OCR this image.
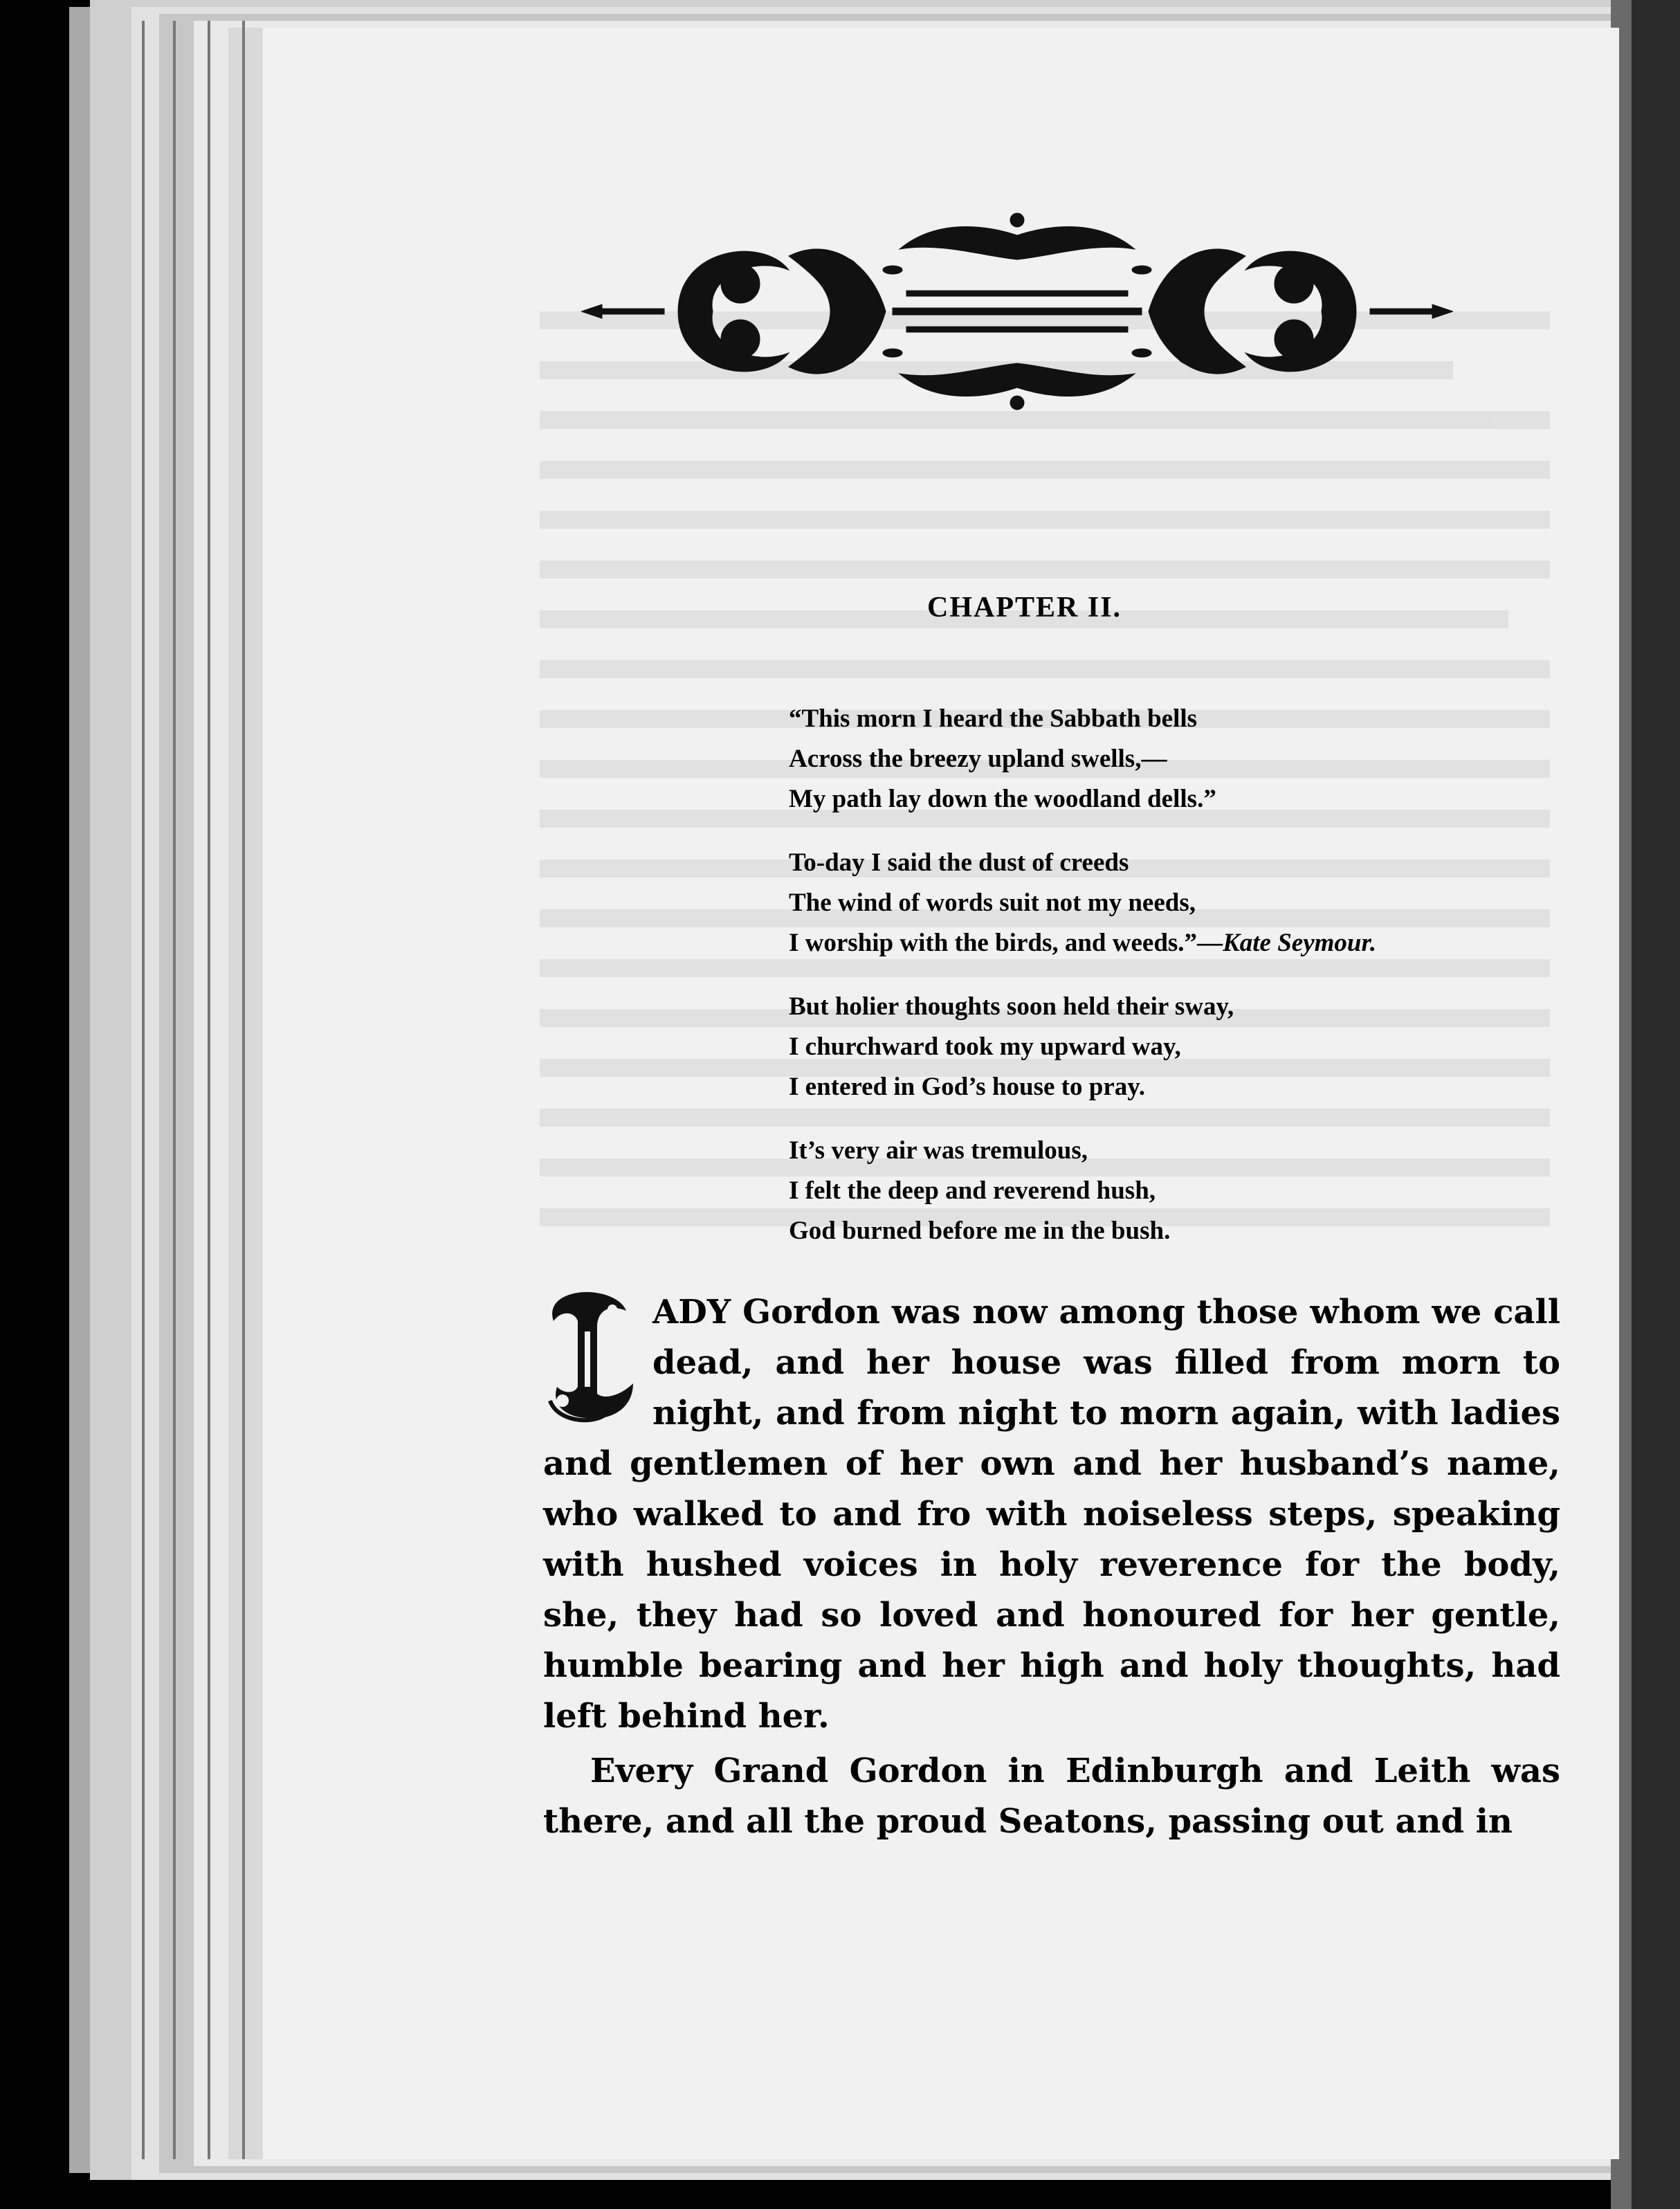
CHAPTER II.
“This morn I heard the Sabbath bells
Across the breezy upland swells,—
My path lay down the woodland dells.”
To-day I said the dust of creeds
The wind of words suit not my needs,
I worship with the birds, and weeds.”—Kate Seymour.
But holier thoughts soon held their sway,
I churchward took my upward way,
I entered in God’s house to pray.
It’s very air was tremulous,
I felt the deep and reverend hush,
God burned before me in the bush.

L
ADY Gordon was now among those whom we call dead, and her house was filled from morn to night, and from night to morn again, with ladies and gentlemen of her own and her husband’s name, who walked to and fro with noiseless steps, speaking with hushed voices in holy reverence for the body, she, they had so loved and honoured for her gentle, humble bearing and her high and holy thoughts, had left behind her.

Every Grand Gordon in Edinburgh and Leith was there, and all the proud Seatons, passing out and in
